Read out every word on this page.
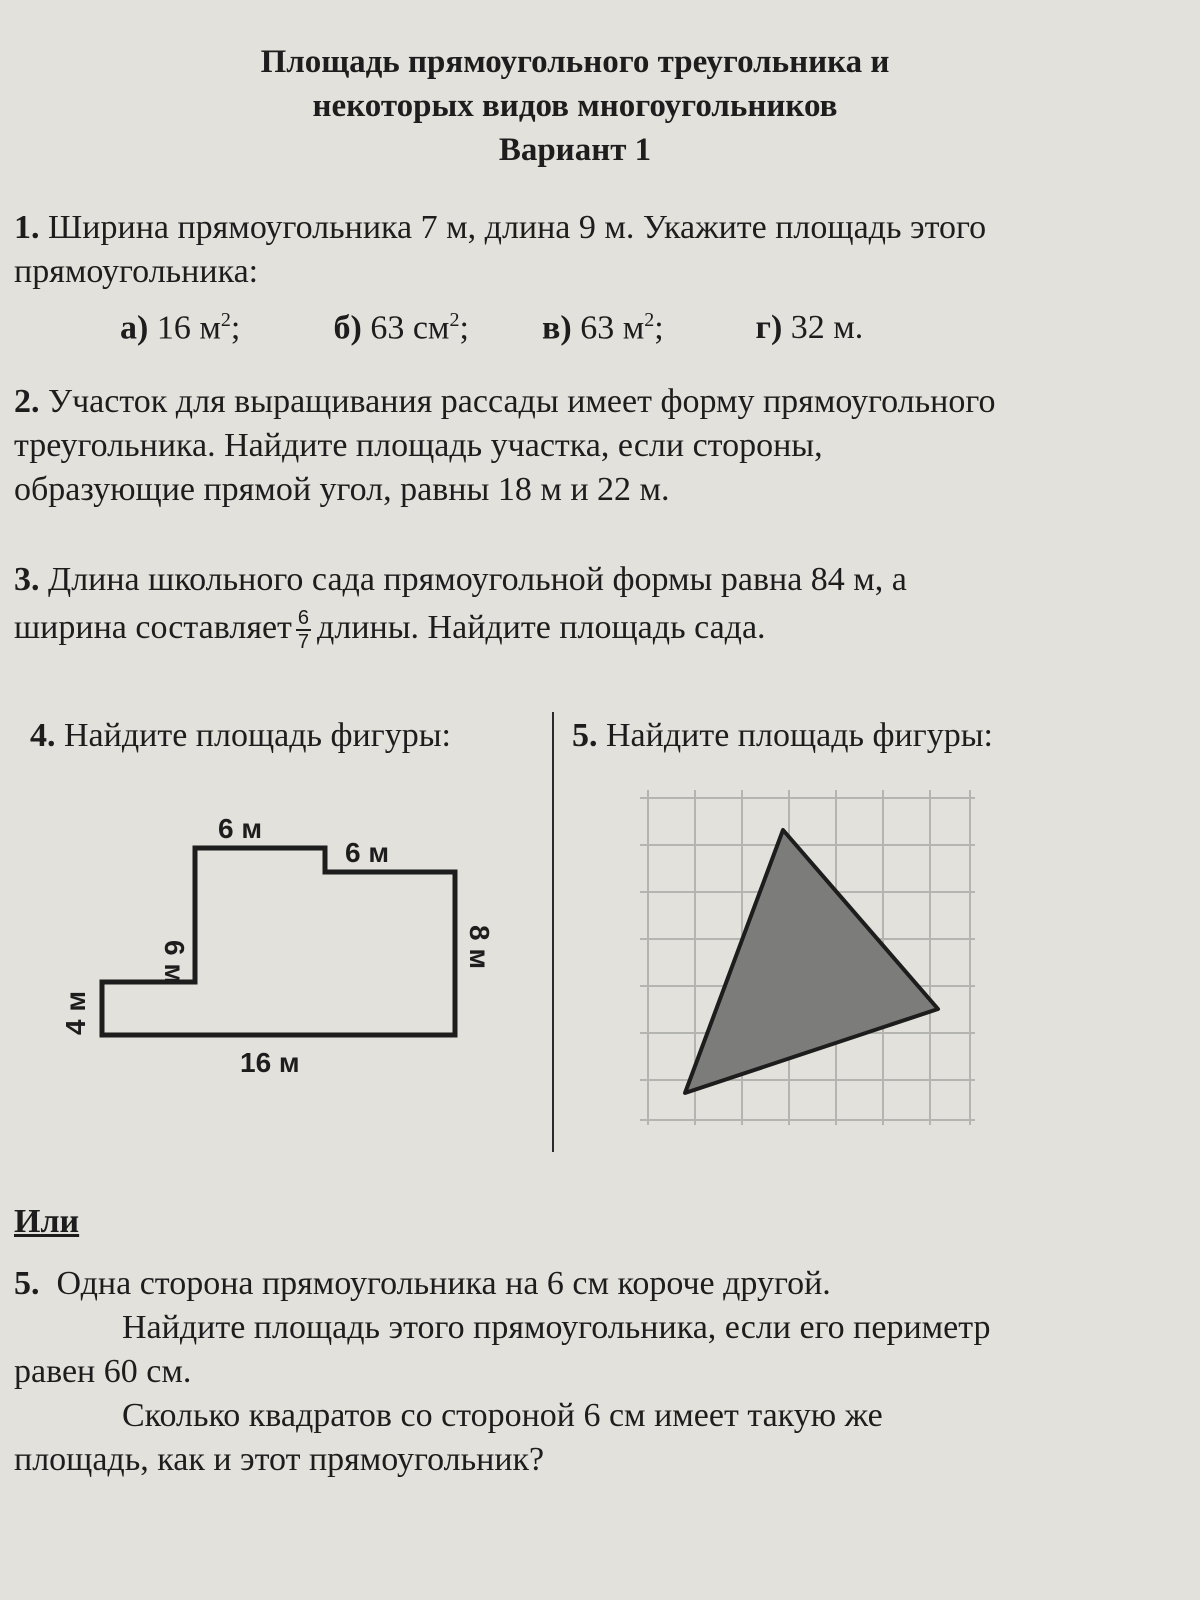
Площадь прямоугольного треугольника и
некоторых видов многоугольников
Вариант 1
1. Ширина прямоугольника 7 м, длина 9 м. Укажите площадь этого
прямоугольника:
а) 16 $м^2$;	б) 63 $см^2$; в) 63 $м^2$;	г) 32 м.
2. Участок для выращивания рассады имеет форму прямоугольного
треугольника. Найдите площадь участка, если стороны,
образующие прямой угол, равны 18 м и 22 м.
3. Длина школьного сада прямоугольной формы равна 84 м, а
ширина составляет $\frac{6}{7}$ длины. Найдите площадь сада.
4. Найдите площадь фигуры:	5. Найдите площадь фигуры:
6 м
6 м
6 м
4 м
8 м
16 м
Или
5. Одна сторона прямоугольника на 6 см короче другой.
Найдите площадь этого прямоугольника, если его периметр
равен 60 см.
Сколько квадратов со стороной 6 см имеет такую же
площадь, как и этот прямоугольник?
